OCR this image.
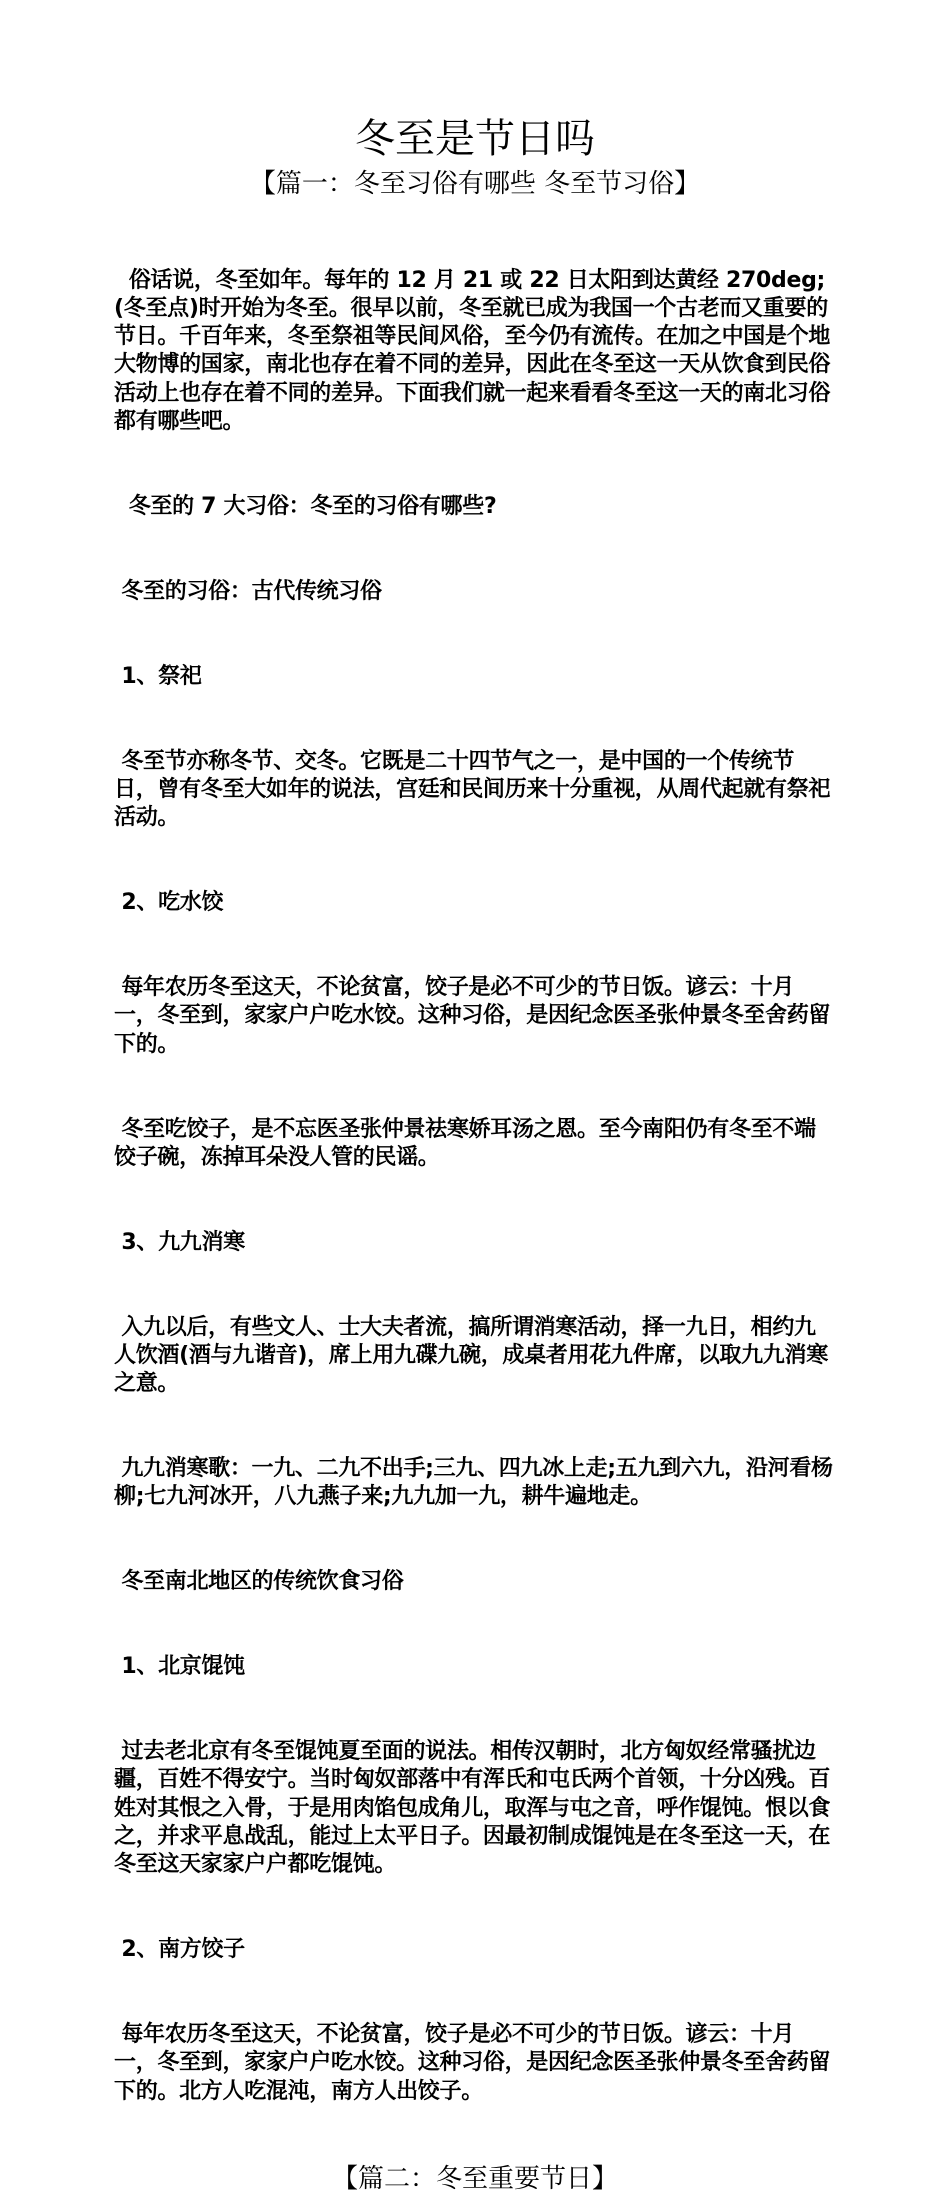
冬至是节日吗
【篇一：冬至习俗有哪些 冬至节习俗】

俗话说，冬至如年。每年的 12 月 21 或 22 日太阳到达黄经 270deg;(冬至点)时开始为冬至。很早以前，冬至就已成为我国一个古老而又重要的节日。千百年来，冬至祭祖等民间风俗，至今仍有流传。在加之中国是个地大物博的国家，南北也存在着不同的差异，因此在冬至这一天从饮食到民俗活动上也存在着不同的差异。下面我们就一起来看看冬至这一天的南北习俗都有哪些吧。

冬至的 7 大习俗：冬至的习俗有哪些?

冬至的习俗：古代传统习俗

1、祭祀

冬至节亦称冬节、交冬。它既是二十四节气之一，是中国的一个传统节日，曾有冬至大如年的说法，宫廷和民间历来十分重视，从周代起就有祭祀活动。

2、吃水饺

每年农历冬至这天，不论贫富，饺子是必不可少的节日饭。谚云：十月一，冬至到，家家户户吃水饺。这种习俗，是因纪念医圣张仲景冬至舍药留下的。

冬至吃饺子，是不忘医圣张仲景祛寒娇耳汤之恩。至今南阳仍有冬至不端饺子碗，冻掉耳朵没人管的民谣。

3、九九消寒

入九以后，有些文人、士大夫者流，搞所谓消寒活动，择一九日，相约九人饮酒(酒与九谐音)，席上用九碟九碗，成桌者用花九件席，以取九九消寒之意。

九九消寒歌：一九、二九不出手;三九、四九冰上走;五九到六九，沿河看杨柳;七九河冰开，八九燕子来;九九加一九，耕牛遍地走。

冬至南北地区的传统饮食习俗

1、北京馄饨

过去老北京有冬至馄饨夏至面的说法。相传汉朝时，北方匈奴经常骚扰边疆，百姓不得安宁。当时匈奴部落中有浑氏和屯氏两个首领，十分凶残。百姓对其恨之入骨，于是用肉馅包成角儿，取浑与屯之音，呼作馄饨。恨以食之，并求平息战乱，能过上太平日子。因最初制成馄饨是在冬至这一天，在冬至这天家家户户都吃馄饨。

2、南方饺子

每年农历冬至这天，不论贫富，饺子是必不可少的节日饭。谚云：十月一，冬至到，家家户户吃水饺。这种习俗，是因纪念医圣张仲景冬至舍药留下的。北方人吃混沌，南方人出饺子。

【篇二：冬至重要节日】
